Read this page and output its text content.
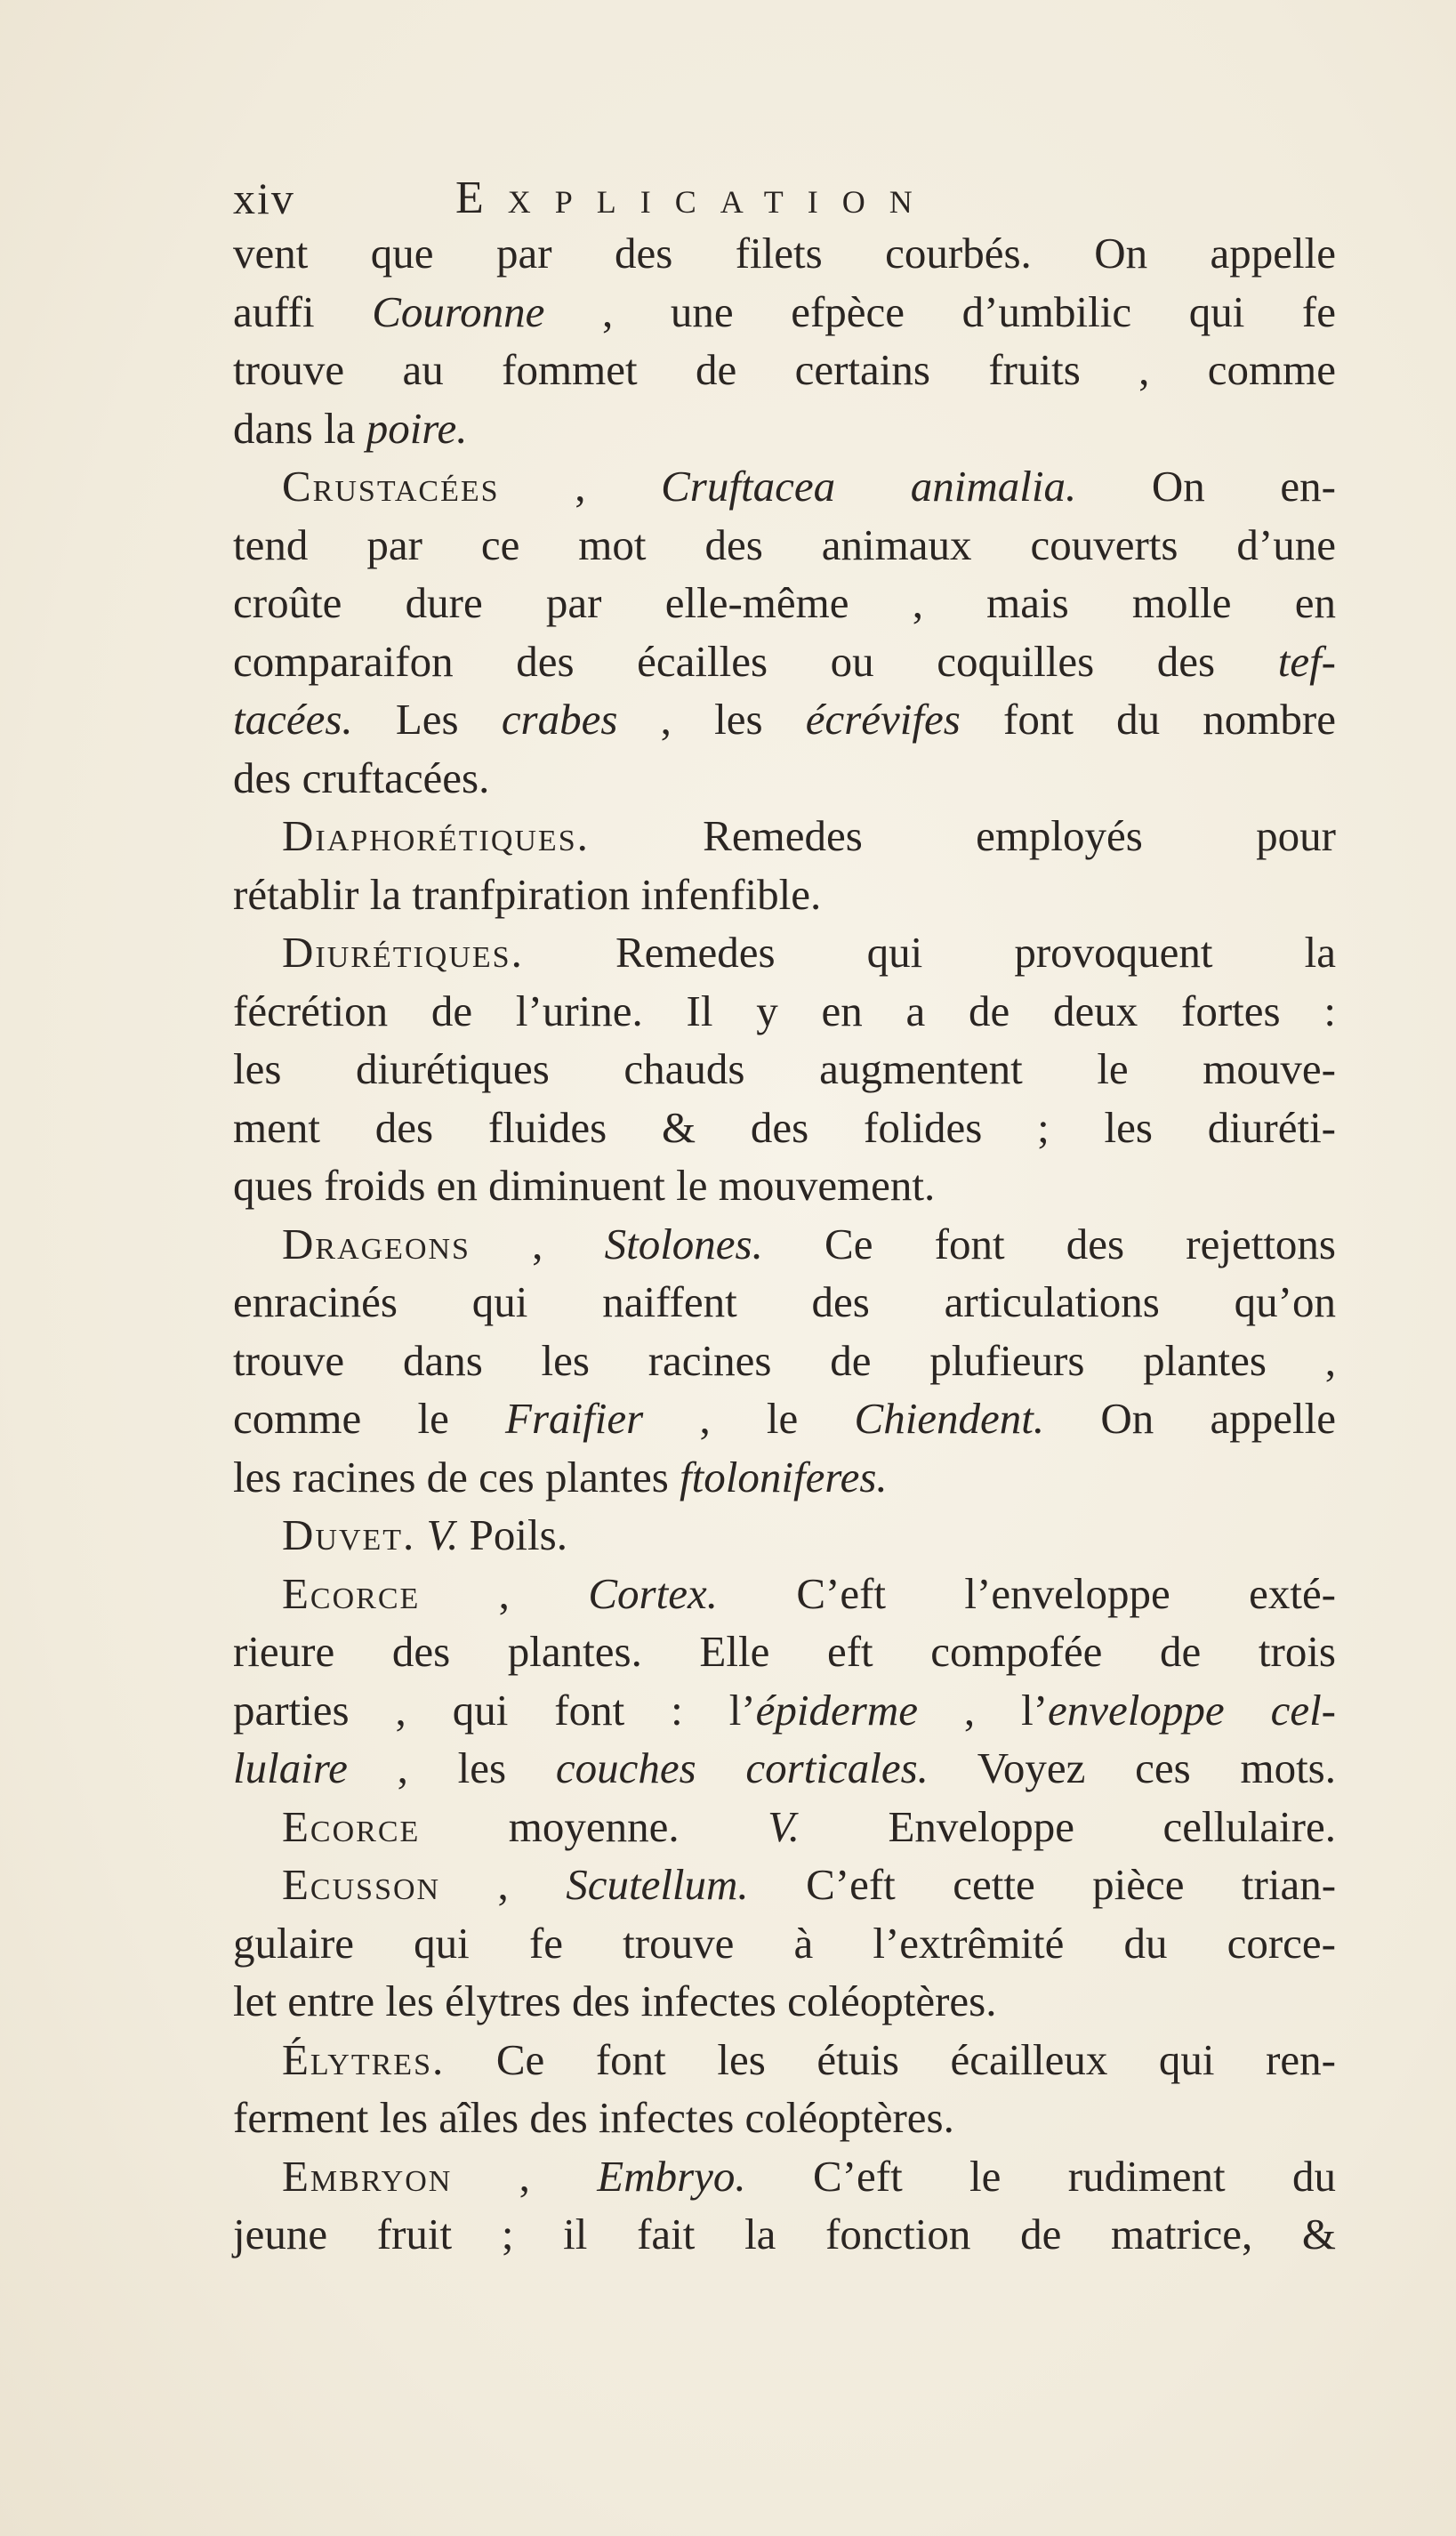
xiv	Explication
vent que par des filets courbés. On appelle
auffi Couronne , une efpèce d’umbilic qui fe
trouve au fommet de certains fruits , comme
dans la poire.
Crustacées , Cruftacea animalia. On en-
tend par ce mot des animaux couverts d’une
croûte dure par elle-même , mais molle en
comparaifon des écailles ou coquilles des tef-
tacées. Les crabes , les écrévifes font du nombre
des cruftacées.
Diaphorétiques. Remedes employés pour
rétablir la tranfpiration infenfible.
Diurétiques. Remedes qui provoquent la
fécrétion de l’urine. Il y en a de deux fortes :
les diurétiques chauds augmentent le mouve-
ment des fluides & des folides ; les diuréti-
ques froids en diminuent le mouvement.
Drageons , Stolones. Ce font des rejettons
enracinés qui naiffent des articulations qu’on
trouve dans les racines de plufieurs plantes ,
comme le Fraifier , le Chiendent. On appelle
les racines de ces plantes ftoloniferes.
Duvet. V. Poils.
Ecorce , Cortex. C’eft l’enveloppe exté-
rieure des plantes. Elle eft compofée de trois
parties , qui font : l’épiderme , l’enveloppe cel-
lulaire , les couches corticales. Voyez ces mots.
Ecorce moyenne. V. Enveloppe cellulaire.
Ecusson , Scutellum. C’eft cette pièce trian-
gulaire qui fe trouve à l’extrêmité du corce-
let entre les élytres des infectes coléoptères.
Élytres. Ce font les étuis écailleux qui ren-
ferment les aîles des infectes coléoptères.
Embryon , Embryo. C’eft le rudiment du
jeune fruit ; il fait la fonction de matrice, &
